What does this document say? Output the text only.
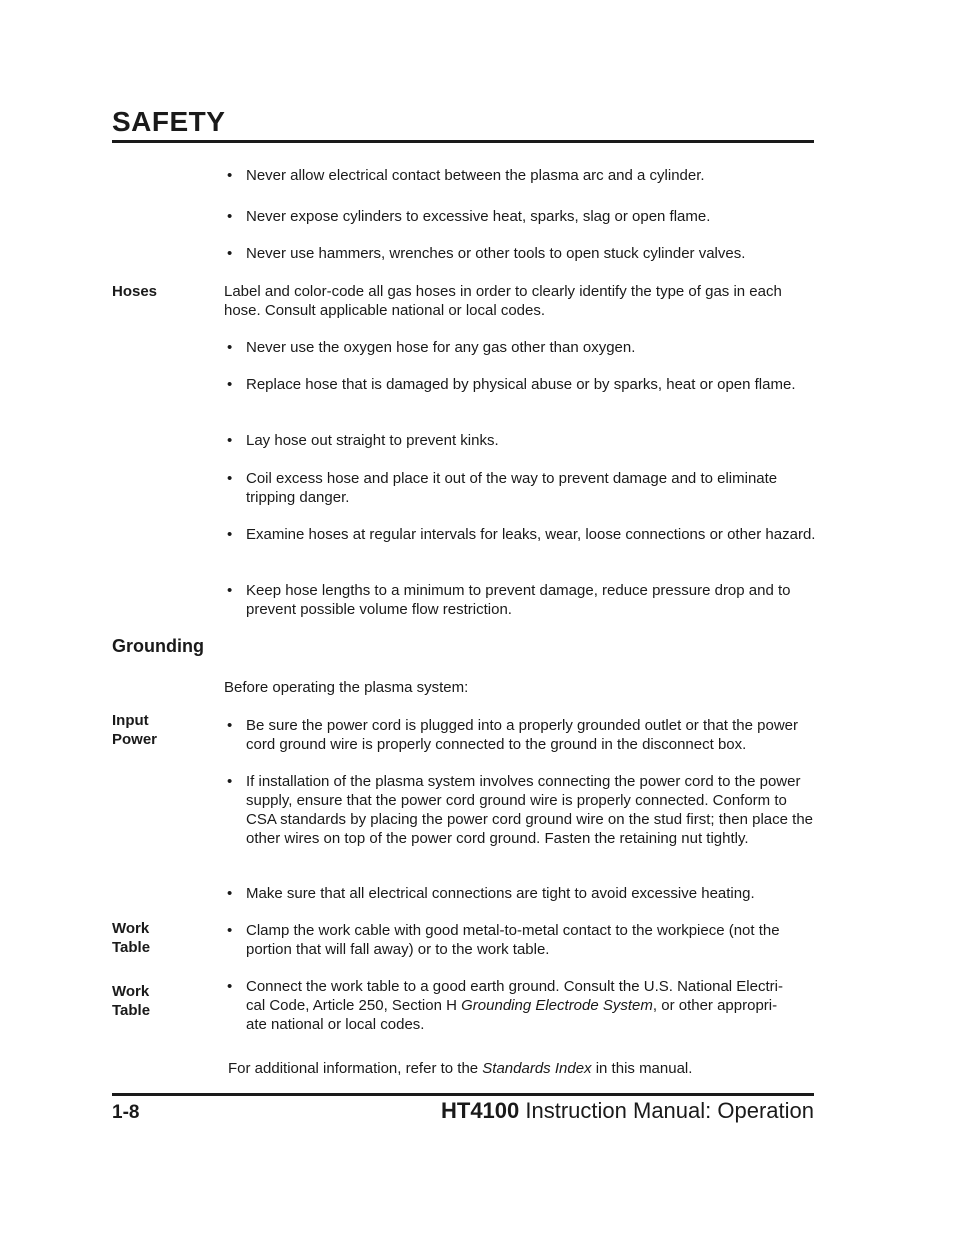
SAFETY
• Never allow electrical contact between the plasma arc and a cylinder.
• Never expose cylinders to excessive heat, sparks, slag or open flame.
• Never use hammers, wrenches or other tools to open stuck cylinder valves.
Hoses	Label and color-code all gas hoses in order to clearly identify the type of gas in each hose. Consult applicable national or local codes.
• Never use the oxygen hose for any gas other than oxygen.
• Replace hose that is damaged by physical abuse or by sparks, heat or open flame.
• Lay hose out straight to prevent kinks.
• Coil excess hose and place it out of the way to prevent damage and to eliminate tripping danger.
• Examine hoses at regular intervals for leaks, wear, loose connections or other hazard.
• Keep hose lengths to a minimum to prevent damage, reduce pressure drop and to prevent possible volume flow restriction.
Grounding
Before operating the plasma system:
Input
Power
• Be sure the power cord is plugged into a properly grounded outlet or that the power cord ground wire is properly connected to the ground in the disconnect box.
• If installation of the plasma system involves connecting the power cord to the power supply, ensure that the power cord ground wire is properly connected. Conform to CSA standards by placing the power cord ground wire on the stud first; then place the other wires on top of the power cord ground. Fasten the retaining nut tightly.
• Make sure that all electrical connections are tight to avoid excessive heating.
Work
Table
• Clamp the work cable with good metal-to-metal contact to the workpiece (not the portion that will fall away) or to the work table.
Work
Table
• Connect the work table to a good earth ground. Consult the U.S. National Electri-
cal Code, Article 250, Section H Grounding Electrode System, or other appropri-
ate national or local codes.
For additional information, refer to the Standards Index in this manual.
1-8	HT4100 Instruction Manual: Operation
